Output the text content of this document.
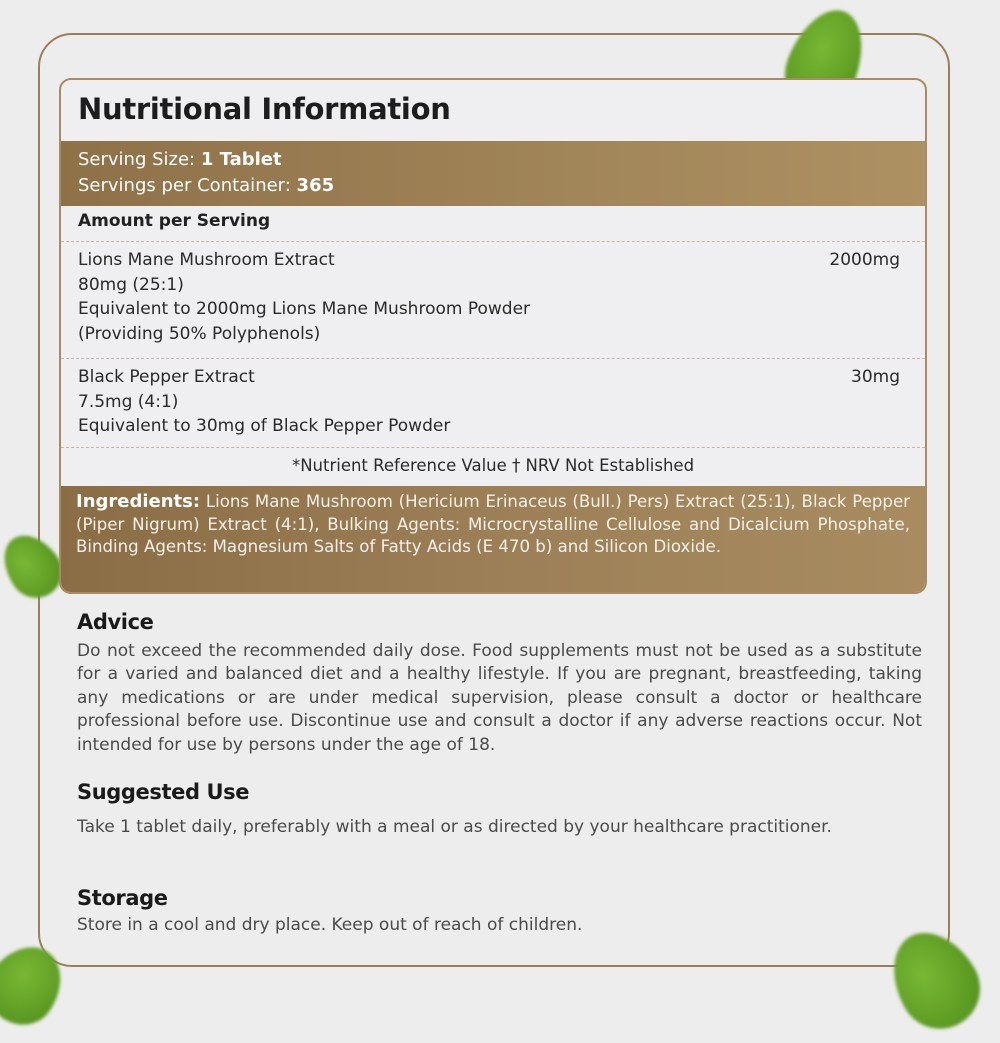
Nutritional Information
Serving Size: 1 Tablet
Servings per Container: 365
Amount per Serving
Lions Mane Mushroom Extract
80mg (25:1)
Equivalent to 2000mg Lions Mane Mushroom Powder
(Providing 50% Polyphenols)
2000mg
Black Pepper Extract
7.5mg (4:1)
Equivalent to 30mg of Black Pepper Powder
30mg
*Nutrient Reference Value † NRV Not Established
Ingredients: Lions Mane Mushroom (Hericium Erinaceus (Bull.) Pers) Extract (25:1), Black Pepper (Piper Nigrum) Extract (4:1), Bulking Agents: Microcrystalline Cellulose and Dicalcium Phosphate, Binding Agents: Magnesium Salts of Fatty Acids (E 470 b) and Silicon Dioxide.
Advice

Do not exceed the recommended daily dose. Food supplements must not be used as a substitute for a varied and balanced diet and a healthy lifestyle. If you are pregnant, breastfeeding, taking any medications or are under medical supervision, please consult a doctor or healthcare professional before use. Discontinue use and consult a doctor if any adverse reactions occur. Not intended for use by persons under the age of 18.

Suggested Use

Take 1 tablet daily, preferably with a meal or as directed by your healthcare practitioner.

Storage

Store in a cool and dry place. Keep out of reach of children.
